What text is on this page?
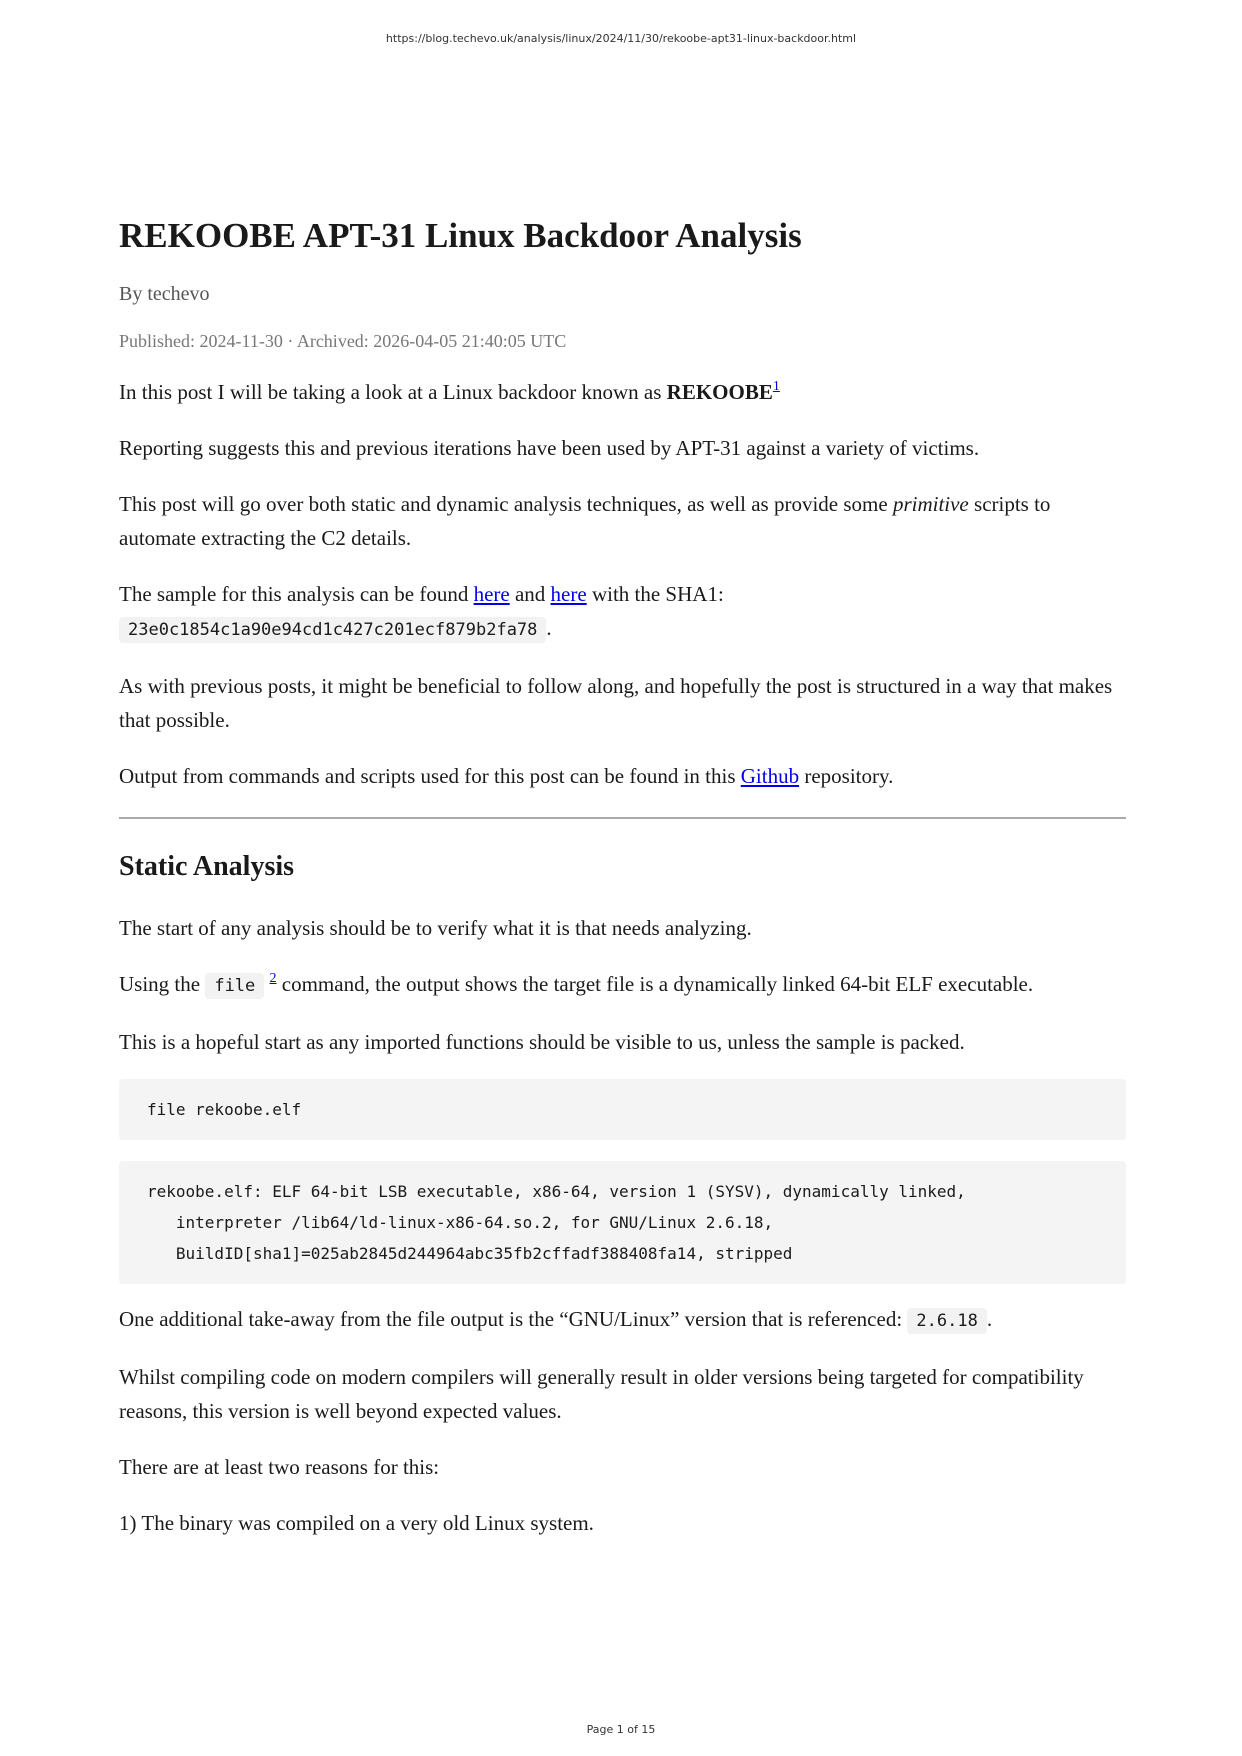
https://blog.techevo.uk/analysis/linux/2024/11/30/rekoobe-apt31-linux-backdoor.html
REKOOBE APT-31 Linux Backdoor Analysis
By techevo
Published: 2024-11-30 · Archived: 2026-04-05 21:40:05 UTC

In this post I will be taking a look at a Linux backdoor known as REKOOBE$^1$

Reporting suggests this and previous iterations have been used by APT-31 against a variety of victims.

This post will go over both static and dynamic analysis techniques, as well as provide some primitive scripts to automate extracting the C2 details.

The sample for this analysis can be found here and here with the SHA1:
23e0c1854c1a90e94cd1c427c201ecf879b2fa78 .

As with previous posts, it might be beneficial to follow along, and hopefully the post is structured in a way that makes that possible.

Output from commands and scripts used for this post can be found in this Github repository.

Static Analysis

The start of any analysis should be to verify what it is that needs analyzing.

Using the file $^2$ command, the output shows the target file is a dynamically linked 64-bit ELF executable.

This is a hopeful start as any imported functions should be visible to us, unless the sample is packed.

file rekoobe.elf
rekoobe.elf: ELF 64-bit LSB executable, x86-64, version 1 (SYSV), dynamically linked,
interpreter /lib64/ld-linux-x86-64.so.2, for GNU/Linux 2.6.18,
BuildID[sha1]=025ab2845d244964abc35fb2cffadf388408fa14, stripped

One additional take-away from the file output is the “GNU/Linux” version that is referenced: 2.6.18 .

Whilst compiling code on modern compilers will generally result in older versions being targeted for compatibility reasons, this version is well beyond expected values.

There are at least two reasons for this:

1) The binary was compiled on a very old Linux system.

Page 1 of 15
